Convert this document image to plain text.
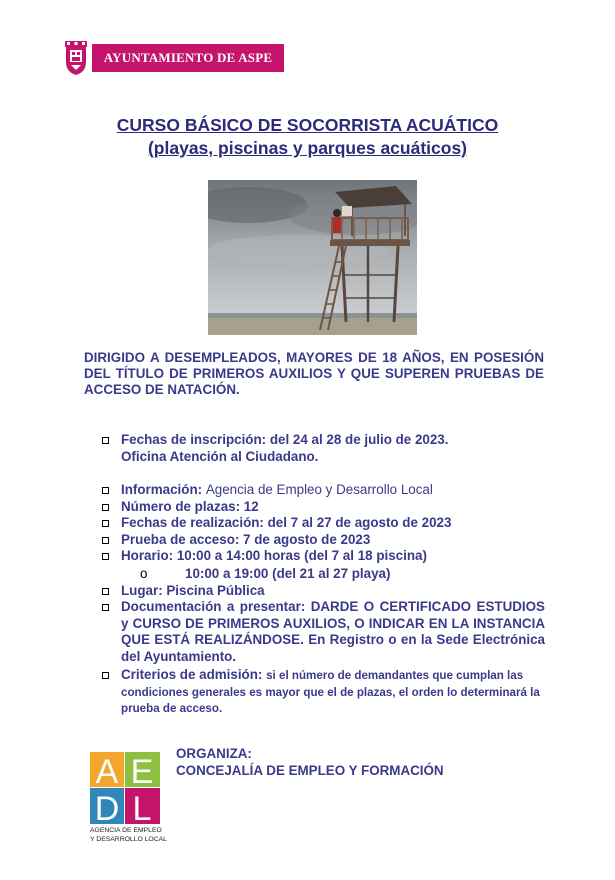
AYUNTAMIENTO DE ASPE
CURSO BÁSICO DE SOCORRISTA ACUÁTICO
(playas, piscinas y parques acuáticos)
DIRIGIDO A DESEMPLEADOS, MAYORES DE 18 AÑOS, EN POSESIÓN DEL TÍTULO DE PRIMEROS AUXILIOS Y QUE SUPEREN PRUEBAS DE ACCESO DE NATACIÓN.
Fechas de inscripción: del 24 al 28 de julio de 2023.
Oficina Atención al Ciudadano.
Información: Agencia de Empleo y Desarrollo Local
Número de plazas: 12
Fechas de realización: del 7 al 27 de agosto de 2023
Prueba de acceso: 7 de agosto de 2023
Horario: 10:00 a 14:00 horas (del 7 al 18 piscina)
o	10:00 a 19:00 (del 21 al 27 playa)
Lugar: Piscina Pública
Documentación a presentar: DARDE O CERTIFICADO ESTUDIOS y CURSO DE PRIMEROS AUXILIOS, O INDICAR EN LA INSTANCIA QUE ESTÁ REALIZÁNDOSE. En Registro o en la Sede Electrónica del Ayuntamiento.
Criterios de admisión: si el número de demandantes que cumplan las condiciones generales es mayor que el de plazas, el orden lo determinará la prueba de acceso.
A E
D L
AGENCIA DE EMPLEO
Y DESARROLLO LOCAL
ORGANIZA:
CONCEJALÍA DE EMPLEO Y FORMACIÓN
